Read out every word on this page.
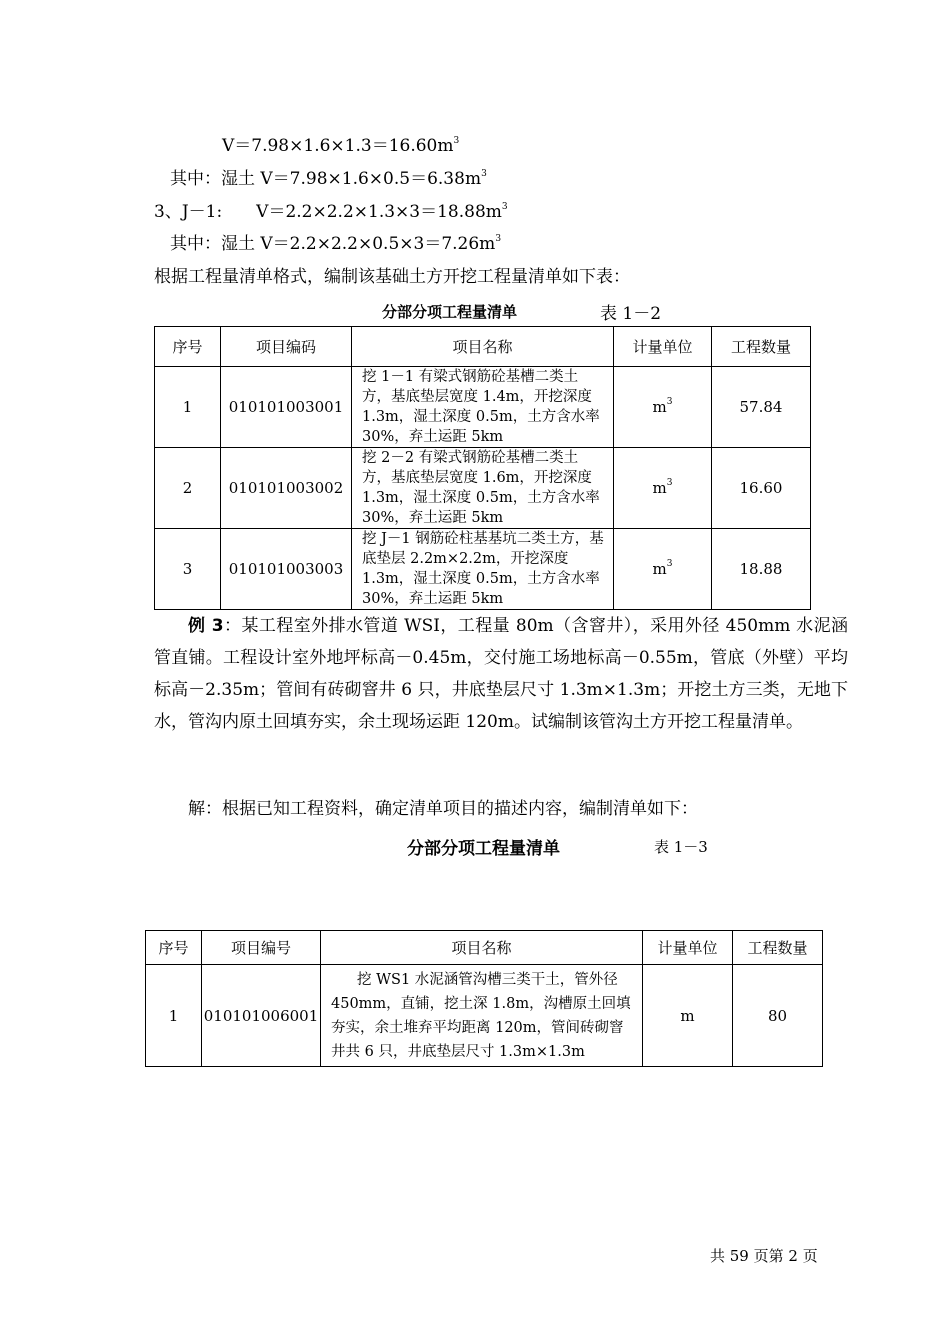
$V=7.98\times 1.6\times 1.3=16.60m^3$
其中：湿土 $V=7.98\times 1.6\times 0.5=6.38m^3$
3、J－1:　　$V=2.2\times 2.2\times 1.3\times 3=18.88m^3$
其中：湿土 $V=2.2\times 2.2\times 0.5\times 3=7.26m^3$
根据工程量清单格式，编制该基础土方开挖工程量清单如下表：
分部分项工程量清单	表 1－2
序号	项目编码	项目名称	计量单位	工程数量
1	010101003001	挖 1－1 有梁式钢筋砼基槽二类土方，基底垫层宽度 1.4m，开挖深度 1.3m，湿土深度 0.5m，土方含水率 30%，弃土运距 5km	$m^3$	57.84
2	010101003002	挖 2－2 有梁式钢筋砼基槽二类土方，基底垫层宽度 1.6m，开挖深度 1.3m，湿土深度 0.5m，土方含水率 30%，弃土运距 5km	$m^3$	16.60
3	010101003003	挖 J－1 钢筋砼柱基基坑二类土方，基底垫层 2.2m×2.2m，开挖深度 1.3m，湿土深度 0.5m，土方含水率 30%，弃土运距 5km	$m^3$	18.88
例 3：某工程室外排水管道 WSI，工程量 80m（含窨井），采用外径 450mm 水泥涵管直铺。工程设计室外地坪标高－0.45m，交付施工场地标高－0.55m，管底（外壁）平均标高－2.35m；管间有砖砌窨井 6 只，井底垫层尺寸 1.3m×1.3m；开挖土方三类，无地下水，管沟内原土回填夯实，余土现场运距 120m。试编制该管沟土方开挖工程量清单。
解：根据已知工程资料，确定清单项目的描述内容，编制清单如下：
分部分项工程量清单	表 1－3
序号	项目编号	项目名称	计量单位	工程数量
1	010101006001	挖 WS1 水泥涵管沟槽三类干土，管外径 450mm，直铺，挖土深 1.8m，沟槽原土回填夯实，余土堆弃平均距离 120m，管间砖砌窨井共 6 只，井底垫层尺寸 1.3m×1.3m	m	80
共 59 页第 2 页
